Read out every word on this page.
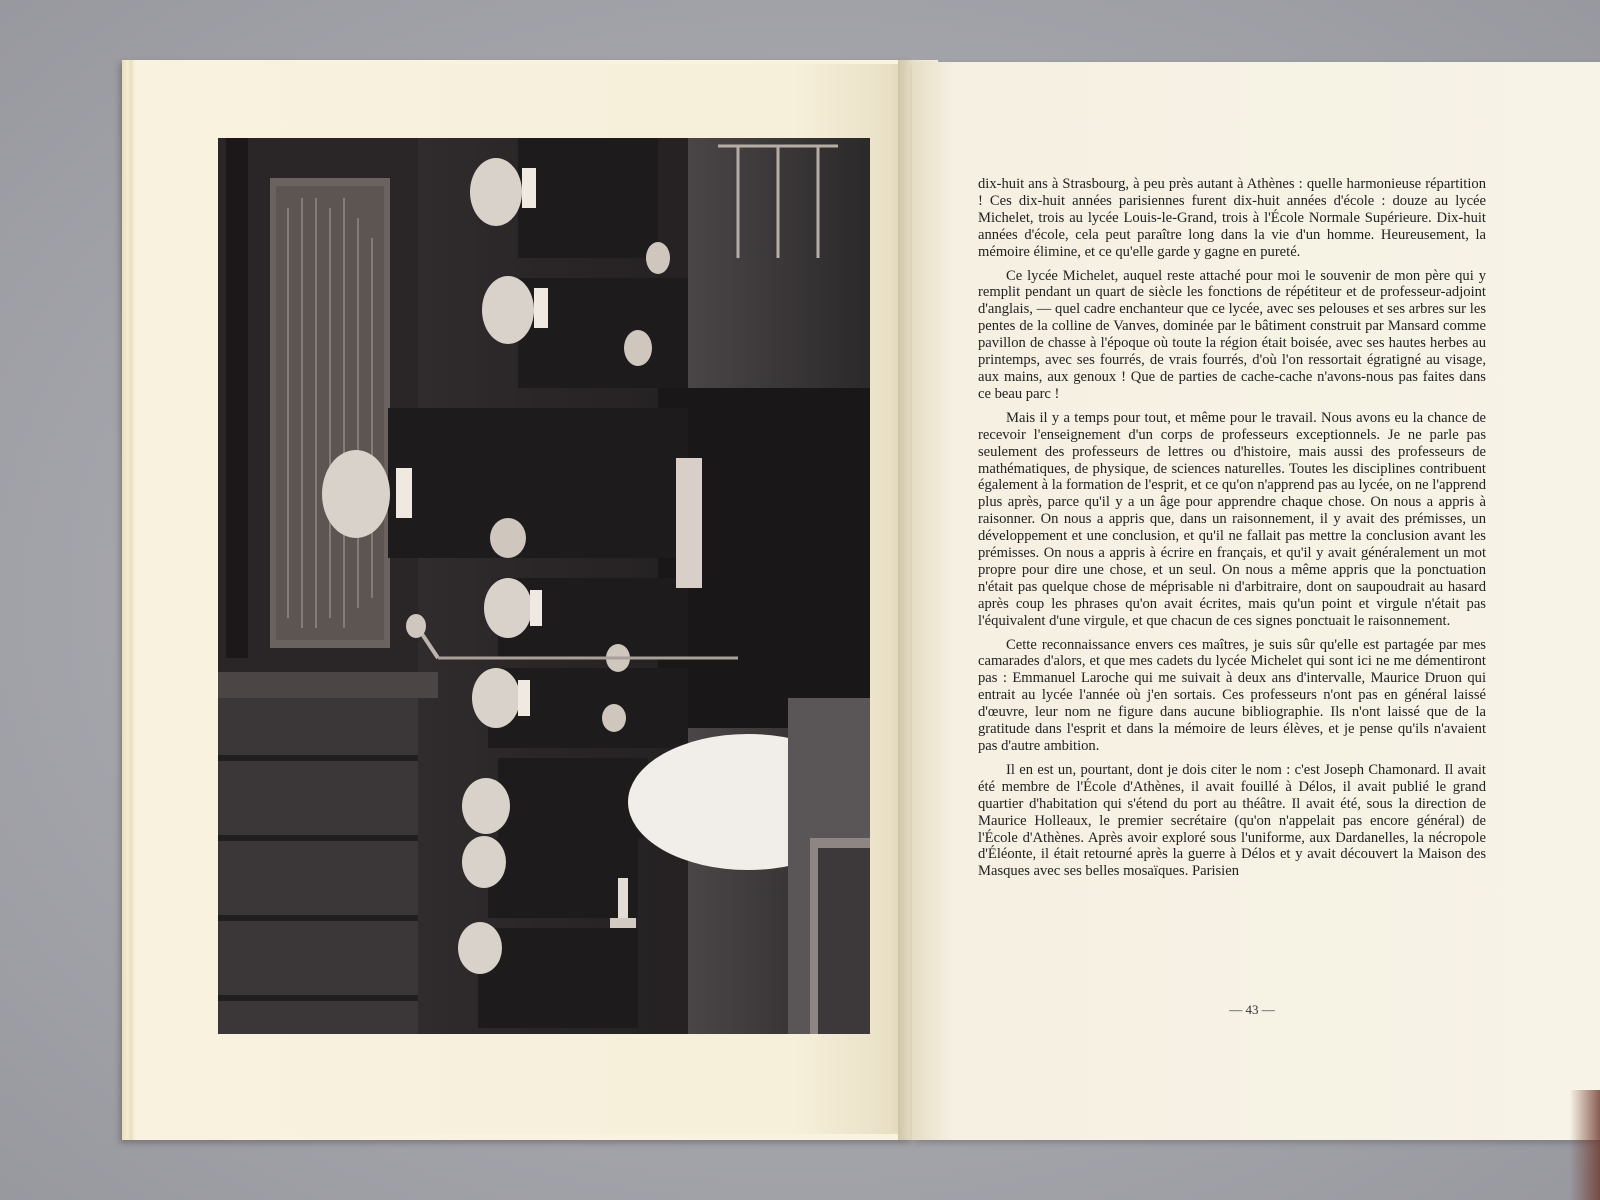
dix-huit ans à Strasbourg, à peu près autant à Athènes : quelle harmonieuse répartition ! Ces dix-huit années parisiennes furent dix-huit années d'école : douze au lycée Michelet, trois au lycée Louis-le-Grand, trois à l'École Normale Supérieure. Dix-huit années d'école, cela peut paraître long dans la vie d'un homme. Heureusement, la mémoire élimine, et ce qu'elle garde y gagne en pureté.

Ce lycée Michelet, auquel reste attaché pour moi le souvenir de mon père qui y remplit pendant un quart de siècle les fonctions de répétiteur et de professeur-adjoint d'anglais, — quel cadre enchanteur que ce lycée, avec ses pelouses et ses arbres sur les pentes de la colline de Vanves, dominée par le bâtiment construit par Mansard comme pavillon de chasse à l'époque où toute la région était boisée, avec ses hautes herbes au printemps, avec ses fourrés, de vrais fourrés, d'où l'on ressortait égratigné au visage, aux mains, aux genoux ! Que de parties de cache-cache n'avons-nous pas faites dans ce beau parc !

Mais il y a temps pour tout, et même pour le travail. Nous avons eu la chance de recevoir l'enseignement d'un corps de professeurs exceptionnels. Je ne parle pas seulement des professeurs de lettres ou d'histoire, mais aussi des professeurs de mathématiques, de physique, de sciences naturelles. Toutes les disciplines contribuent également à la formation de l'esprit, et ce qu'on n'apprend pas au lycée, on ne l'apprend plus après, parce qu'il y a un âge pour apprendre chaque chose. On nous a appris à raisonner. On nous a appris que, dans un raisonnement, il y avait des prémisses, un développement et une conclusion, et qu'il ne fallait pas mettre la conclusion avant les prémisses. On nous a appris à écrire en français, et qu'il y avait généralement un mot propre pour dire une chose, et un seul. On nous a même appris que la ponctuation n'était pas quelque chose de méprisable ni d'arbitraire, dont on saupoudrait au hasard après coup les phrases qu'on avait écrites, mais qu'un point et virgule n'était pas l'équivalent d'une virgule, et que chacun de ces signes ponctuait le raisonnement.

Cette reconnaissance envers ces maîtres, je suis sûr qu'elle est partagée par mes camarades d'alors, et que mes cadets du lycée Michelet qui sont ici ne me démentiront pas : Emmanuel Laroche qui me suivait à deux ans d'intervalle, Maurice Druon qui entrait au lycée l'année où j'en sortais. Ces professeurs n'ont pas en général laissé d'œuvre, leur nom ne figure dans aucune bibliographie. Ils n'ont laissé que de la gratitude dans l'esprit et dans la mémoire de leurs élèves, et je pense qu'ils n'avaient pas d'autre ambition.

Il en est un, pourtant, dont je dois citer le nom : c'est Joseph Chamonard. Il avait été membre de l'École d'Athènes, il avait fouillé à Délos, il avait publié le grand quartier d'habitation qui s'étend du port au théâtre. Il avait été, sous la direction de Maurice Holleaux, le premier secrétaire (qu'on n'appelait pas encore général) de l'École d'Athènes. Après avoir exploré sous l'uniforme, aux Dardanelles, la nécropole d'Éléonte, il était retourné après la guerre à Délos et y avait découvert la Maison des Masques avec ses belles mosaïques. Parisien

— 43 —
